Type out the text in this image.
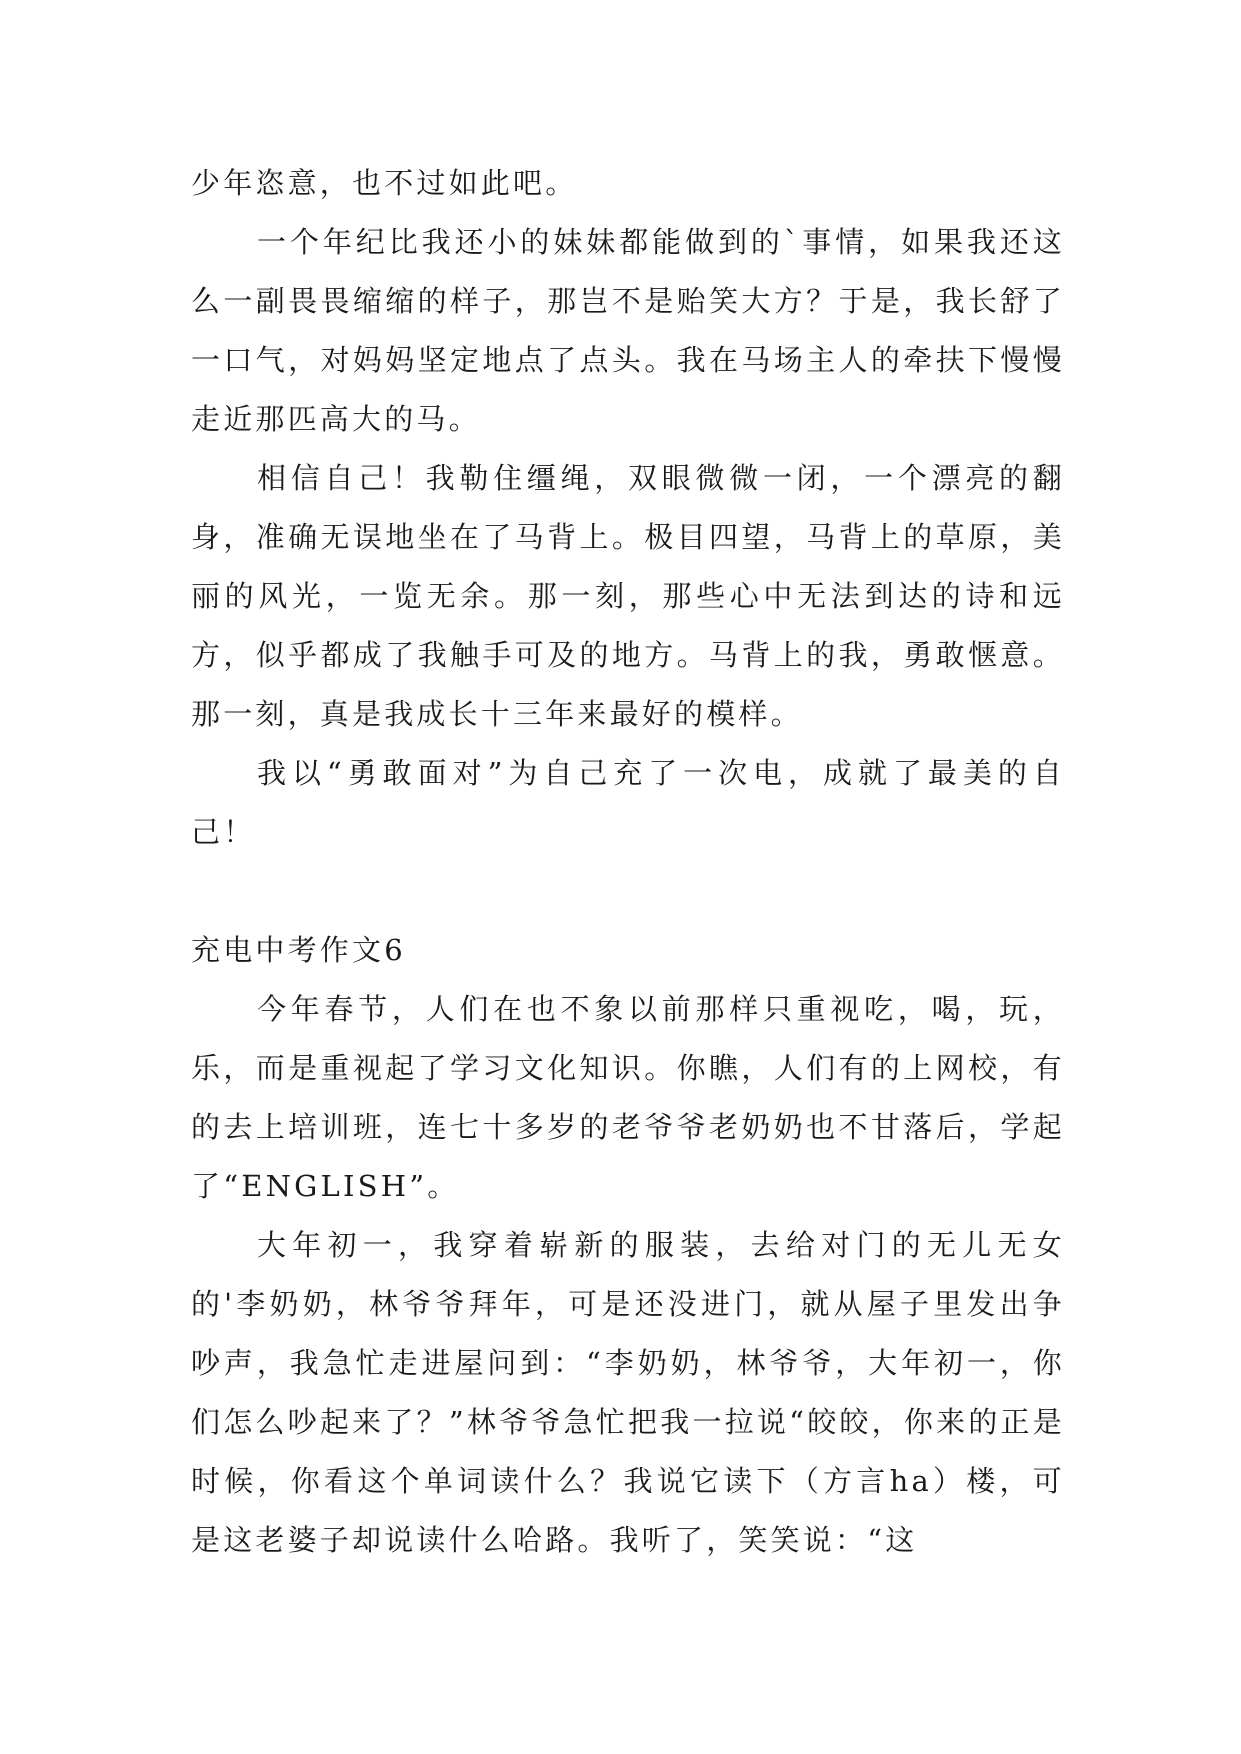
少年恣意，也不过如此吧。

一个年纪比我还小的妹妹都能做到的`事情，如果我还这么一副畏畏缩缩的样子，那岂不是贻笑大方？于是，我长舒了一口气，对妈妈坚定地点了点头。我在马场主人的牵扶下慢慢走近那匹高大的马。

相信自己！我勒住缰绳，双眼微微一闭，一个漂亮的翻身，准确无误地坐在了马背上。极目四望，马背上的草原，美丽的风光，一览无余。那一刻，那些心中无法到达的诗和远方，似乎都成了我触手可及的地方。马背上的我，勇敢惬意。那一刻，真是我成长十三年来最好的模样。

我以“勇敢面对”为自己充了一次电，成就了最美的自己！

充电中考作文6

今年春节，人们在也不象以前那样只重视吃，喝，玩，乐，而是重视起了学习文化知识。你瞧，人们有的上网校，有的去上培训班，连七十多岁的老爷爷老奶奶也不甘落后，学起了“ENGLISH”。

大年初一，我穿着崭新的服装，去给对门的无儿无女的'李奶奶，林爷爷拜年，可是还没进门，就从屋子里发出争吵声，我急忙走进屋问到：“李奶奶，林爷爷，大年初一，你们怎么吵起来了？”林爷爷急忙把我一拉说“皎皎，你来的正是时候，你看这个单词读什么？我说它读下（方言ha）楼，可是这老婆子却说读什么哈路。我听了，笑笑说：“这
